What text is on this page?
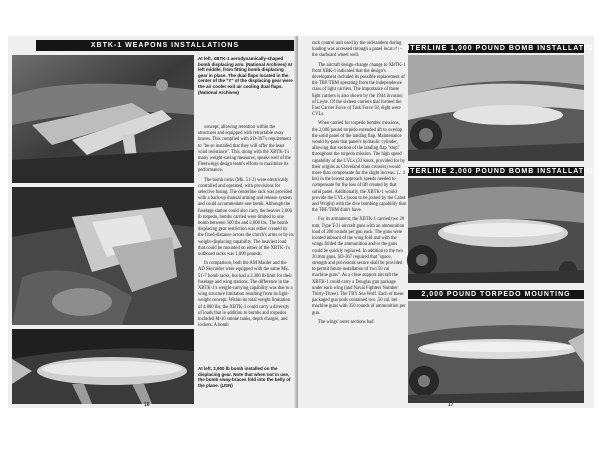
XBTK-1 WEAPONS INSTALLATIONS
At left, XBTK-1 aerodynamically-shaped bomb displacing arm. (National Archives) At left middle, from fitting bomb displacing gear in place. The dual flaps located in the center of the "Y" of the displacing gear were the air cooler exit air cooling dual flaps. (National Archives)

concept, allowing retention within the structures and equipped with retractable sway braces. This complied with SD-367's requirement to "be so installed that they will offer the least wind resistance". This, along with the XBTK-1's many weight-saving measures, speaks well of the Fleetwings design team's efforts to maximize its performance.

The bomb racks (Mk. 51-2) were electrically controlled and operated, with provisions for selective fusing. The centerline rack was provided with a back-up manual arming and release system and could accommodate one bomb. Although the fuselage station could also carry the heavier 2,000 lb torpedo, bombs carried were limited to one bomb between 500 lbs and 2,000 lbs. The bomb displacing gear restriction was either created by the fixed-distance across the crutch's arms or by its weight-displacing capability. The heaviest load that could be mounted on either of the XBTK-1's outboard racks was 1,000 pounds.

In comparison, both the AM Mauler and the AD Skyraider were equipped with the same Mk. 51-7 bomb racks, but had a 2,300 lb limit for their fuselage and wing stations. The difference in the XBTK-1's weight-carrying capability was due to a wing structure limitation resulting from its light-weight concept. Within its total weight limitation of 4,800 lbs, the XBTK-1 could carry a diversity of loads that in addition to bombs and torpedos included M-10 smoke tanks, depth charges, and rockets. A bomb

At left, 2,900 lb bomb installed on the displacing gear. Note that when not in use, the bomb sway-braces fold into the belly of the plane. (USN)
16

rack control unit used by the old-tandem during loading was accessed through a panel located in the starboard wheel well.

The aircraft design-change change to XBTK-1 from XBK-1 indicated that the design's development included its possible replacement of the TBF/TBM operating from the independence class of light carriers. The importance of those light carriers is also shown by the 1944 invasion of Leyte. Of the sixteen carriers that formed the Fast Carrier Force of Task Force 58, eight were CVLs.

When carried for torpedo bomber missions, the 2,000 pound torpedo extended aft to overlap the solid panel of the landing flap. Maintenance would by-pass that panel's hydraulic cylinder, allowing that section of the landing flap "stop" throughout the torpedo mission. The high speed capability of the CVLs (33 knots, provided for by their origins as Cleveland class cruisers) would more than compensate for the slight increase (2-4 kts) in the lowest approach speeds needed to compensate for the loss of lift created by that solid panel. Additionally, the XBTK-1 would provide the CVLs (soon to be joined by the Cabot and Wright) with the dive bombing capability that the TBF/TBM didn't have.

For its armament, the XBTK-1 carried two 20 mm, Type T-31 aircraft guns with an ammunition load of 200 rounds per gun each. The guns were located inboard of the wing fold and with the wings folded the ammunition and/or the guns could be quickly replaced. In addition to the two 20 mm guns, SD-367 required that "space, strength and provisions secure shall be provided to permit future installation of two 50 cal machine guns". As a close support aircraft the XBTK-1 could carry a Douglas gun package under each wing (and Naval Fighters Number Thirty-Three). The TBY Sea Wolf. Each of these packaged gun pods contained two .50 cal. ber machine guns with 350 rounds of ammunition per gun.

The wings' outer sections had

CENTERLINE 1,000 POUND BOMB INSTALLATION
CENTERLINE 2,000 POUND BOMB INSTALLATION
2,000 POUND TORPEDO MOUNTING
17
